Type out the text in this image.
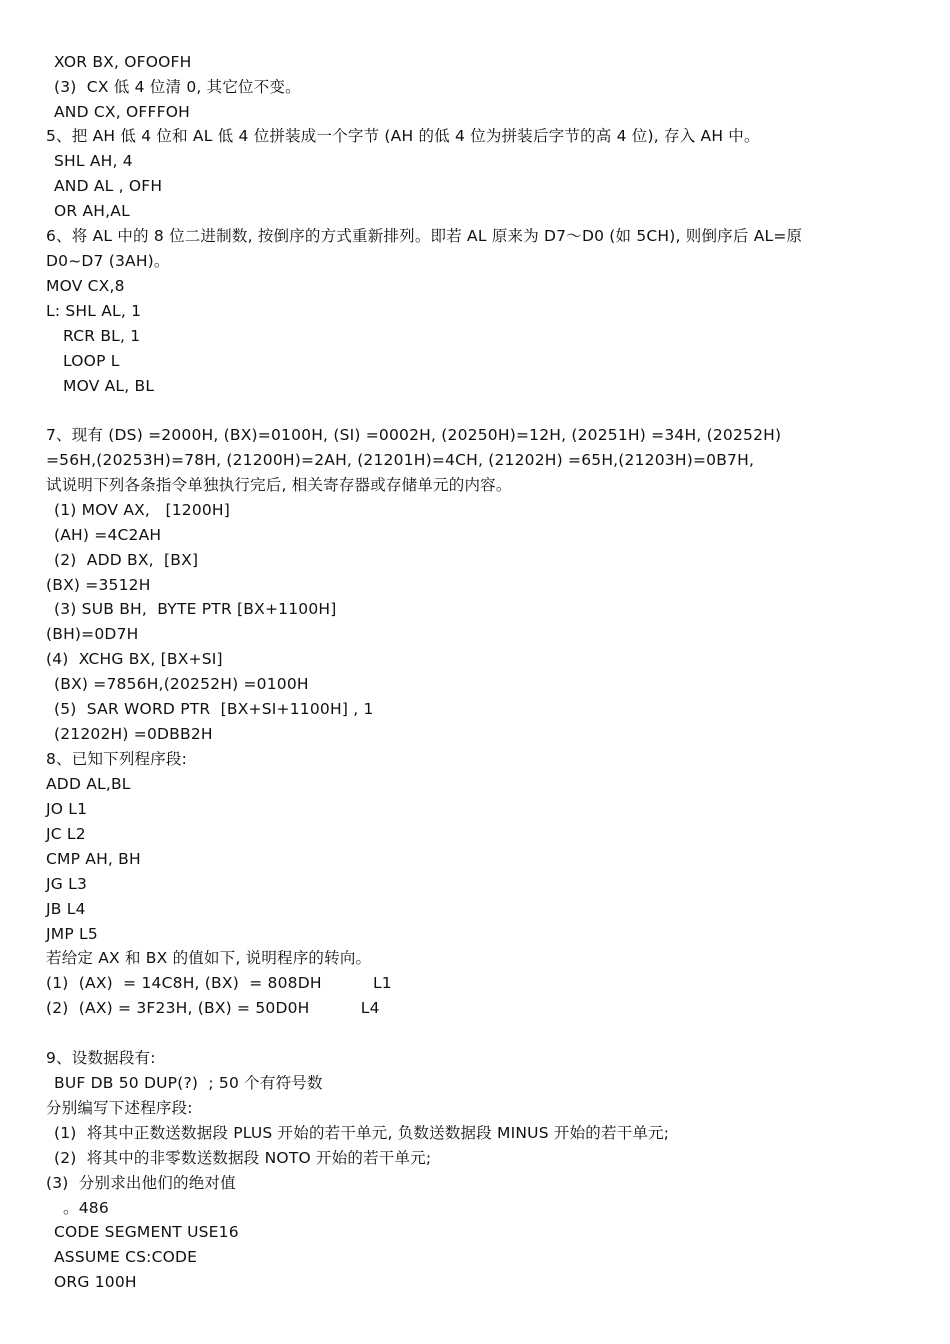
XOR BX, OFOOFH
(3)  CX 低 4 位清 0, 其它位不变。
AND CX, OFFFOH
5、把 AH 低 4 位和 AL 低 4 位拼装成一个字节 (AH 的低 4 位为拼装后字节的高 4 位), 存入 AH 中。
SHL AH, 4
AND AL , OFH
OR AH,AL
6、将 AL 中的 8 位二进制数, 按倒序的方式重新排列。即若 AL 原来为 D7～D0 (如 5CH), 则倒序后 AL=原
D0~D7 (3AH)。
MOV CX,8
L: SHL AL, 1
RCR BL, 1
LOOP L
MOV AL, BL
7、现有 (DS) =2000H, (BX)=0100H, (SI) =0002H, (20250H)=12H, (20251H) =34H, (20252H)
=56H,(20253H)=78H, (21200H)=2AH, (21201H)=4CH, (21202H) =65H,(21203H)=0B7H,
试说明下列各条指令单独执行完后, 相关寄存器或存储单元的内容。
(1) MOV AX,   [1200H]
(AH) =4C2AH
(2)  ADD BX,  [BX]
(BX) =3512H
(3) SUB BH,  BYTE PTR [BX+1100H]
(BH)=0D7H
(4)  XCHG BX, [BX+SI]
(BX) =7856H,(20252H) =0100H
(5)  SAR WORD PTR  [BX+SI+1100H] , 1
(21202H) =0DBB2H
8、已知下列程序段:
ADD AL,BL
JO L1
JC L2
CMP AH, BH
JG L3
JB L4
JMP L5
若给定 AX 和 BX 的值如下, 说明程序的转向。
(1)  (AX)  = 14C8H, (BX)  = 808DH          L1
(2)  (AX) = 3F23H, (BX) = 50D0H          L4
9、设数据段有:
BUF DB 50 DUP(?)  ; 50 个有符号数
分别编写下述程序段:
(1)  将其中正数送数据段 PLUS 开始的若干单元, 负数送数据段 MINUS 开始的若干单元;
(2)  将其中的非零数送数据段 NOTO 开始的若干单元;
(3)  分别求出他们的绝对值
。486
CODE SEGMENT USE16
ASSUME CS:CODE
ORG 100H
